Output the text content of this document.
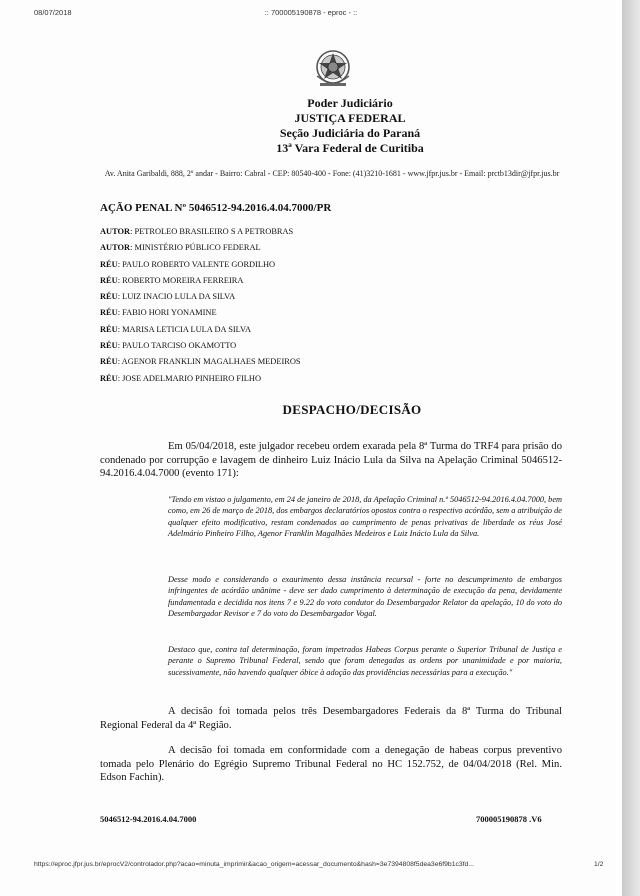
08/07/2018	:: 700005190878 - eproc - ::
Poder Judiciário
JUSTIÇA FEDERAL
Seção Judiciária do Paraná
13ª Vara Federal de Curitiba
Av. Anita Garibaldi, 888, 2º andar - Bairro: Cabral - CEP: 80540-400 - Fone: (41)3210-1681 - www.jfpr.jus.br - Email: prctb13dir@jfpr.jus.br
AÇÃO PENAL Nº 5046512-94.2016.4.04.7000/PR
AUTOR: PETROLEO BRASILEIRO S A PETROBRAS
AUTOR: MINISTÉRIO PÚBLICO FEDERAL
RÉU: PAULO ROBERTO VALENTE GORDILHO
RÉU: ROBERTO MOREIRA FERREIRA
RÉU: LUIZ INACIO LULA DA SILVA
RÉU: FABIO HORI YONAMINE
RÉU: MARISA LETICIA LULA DA SILVA
RÉU: PAULO TARCISO OKAMOTTO
RÉU: AGENOR FRANKLIN MAGALHAES MEDEIROS
RÉU: JOSE ADELMARIO PINHEIRO FILHO
DESPACHO/DECISÃO
Em 05/04/2018, este julgador recebeu ordem exarada pela 8ª Turma do TRF4 para prisão do condenado por corrupção e lavagem de dinheiro Luiz Inácio Lula da Silva na Apelação Criminal 5046512-94.2016.4.04.7000 (evento 171):
"Tendo em vistao o julgamento, em 24 de janeiro de 2018, da Apelação Criminal n.º 5046512-94.2016.4.04.7000, bem como, em 26 de março de 2018, dos embargos declaratórios opostos contra o respectivo acórdão, sem a atribuição de qualquer efeito modificativo, restam condenados ao cumprimento de penas privativas de liberdade os réus José Adelmário Pinheiro Filho, Agenor Franklin Magalhães Medeiros e Luiz Inácio Lula da Silva.
Desse modo e considerando o exaurimento dessa instância recursal - forte no descumprimento de embargos infringentes de acórdão unânime - deve ser dado cumprimento à determinação de execução da pena, devidamente fundamentada e decidida nos itens 7 e 9.22 do voto condutor do Desembargador Relator da apelação, 10 do voto do Desembargador Revisor e 7 do voto do Desembargador Vogal.
Destaco que, contra tal determinação, foram impetrados Habeas Corpus perante o Superior Tribunal de Justiça e perante o Supremo Tribunal Federal, sendo que foram denegadas as ordens por unanimidade e por maioria, sucessivamente, não havendo qualquer óbice à adoção das providências necessárias para a execução."
A decisão foi tomada pelos três Desembargadores Federais da 8ª Turma do Tribunal Regional Federal da 4ª Região.
A decisão foi tomada em conformidade com a denegação de habeas corpus preventivo tomada pelo Plenário do Egrégio Supremo Tribunal Federal no HC 152.752, de 04/04/2018 (Rel. Min. Edson Fachin).
5046512-94.2016.4.04.7000	700005190878 .V6
https://eproc.jfpr.jus.br/eprocV2/controlador.php?acao=minuta_imprimir&acao_origem=acessar_documento&hash=3e7394808f5dea3e6f9b1c3fd...	1/2
